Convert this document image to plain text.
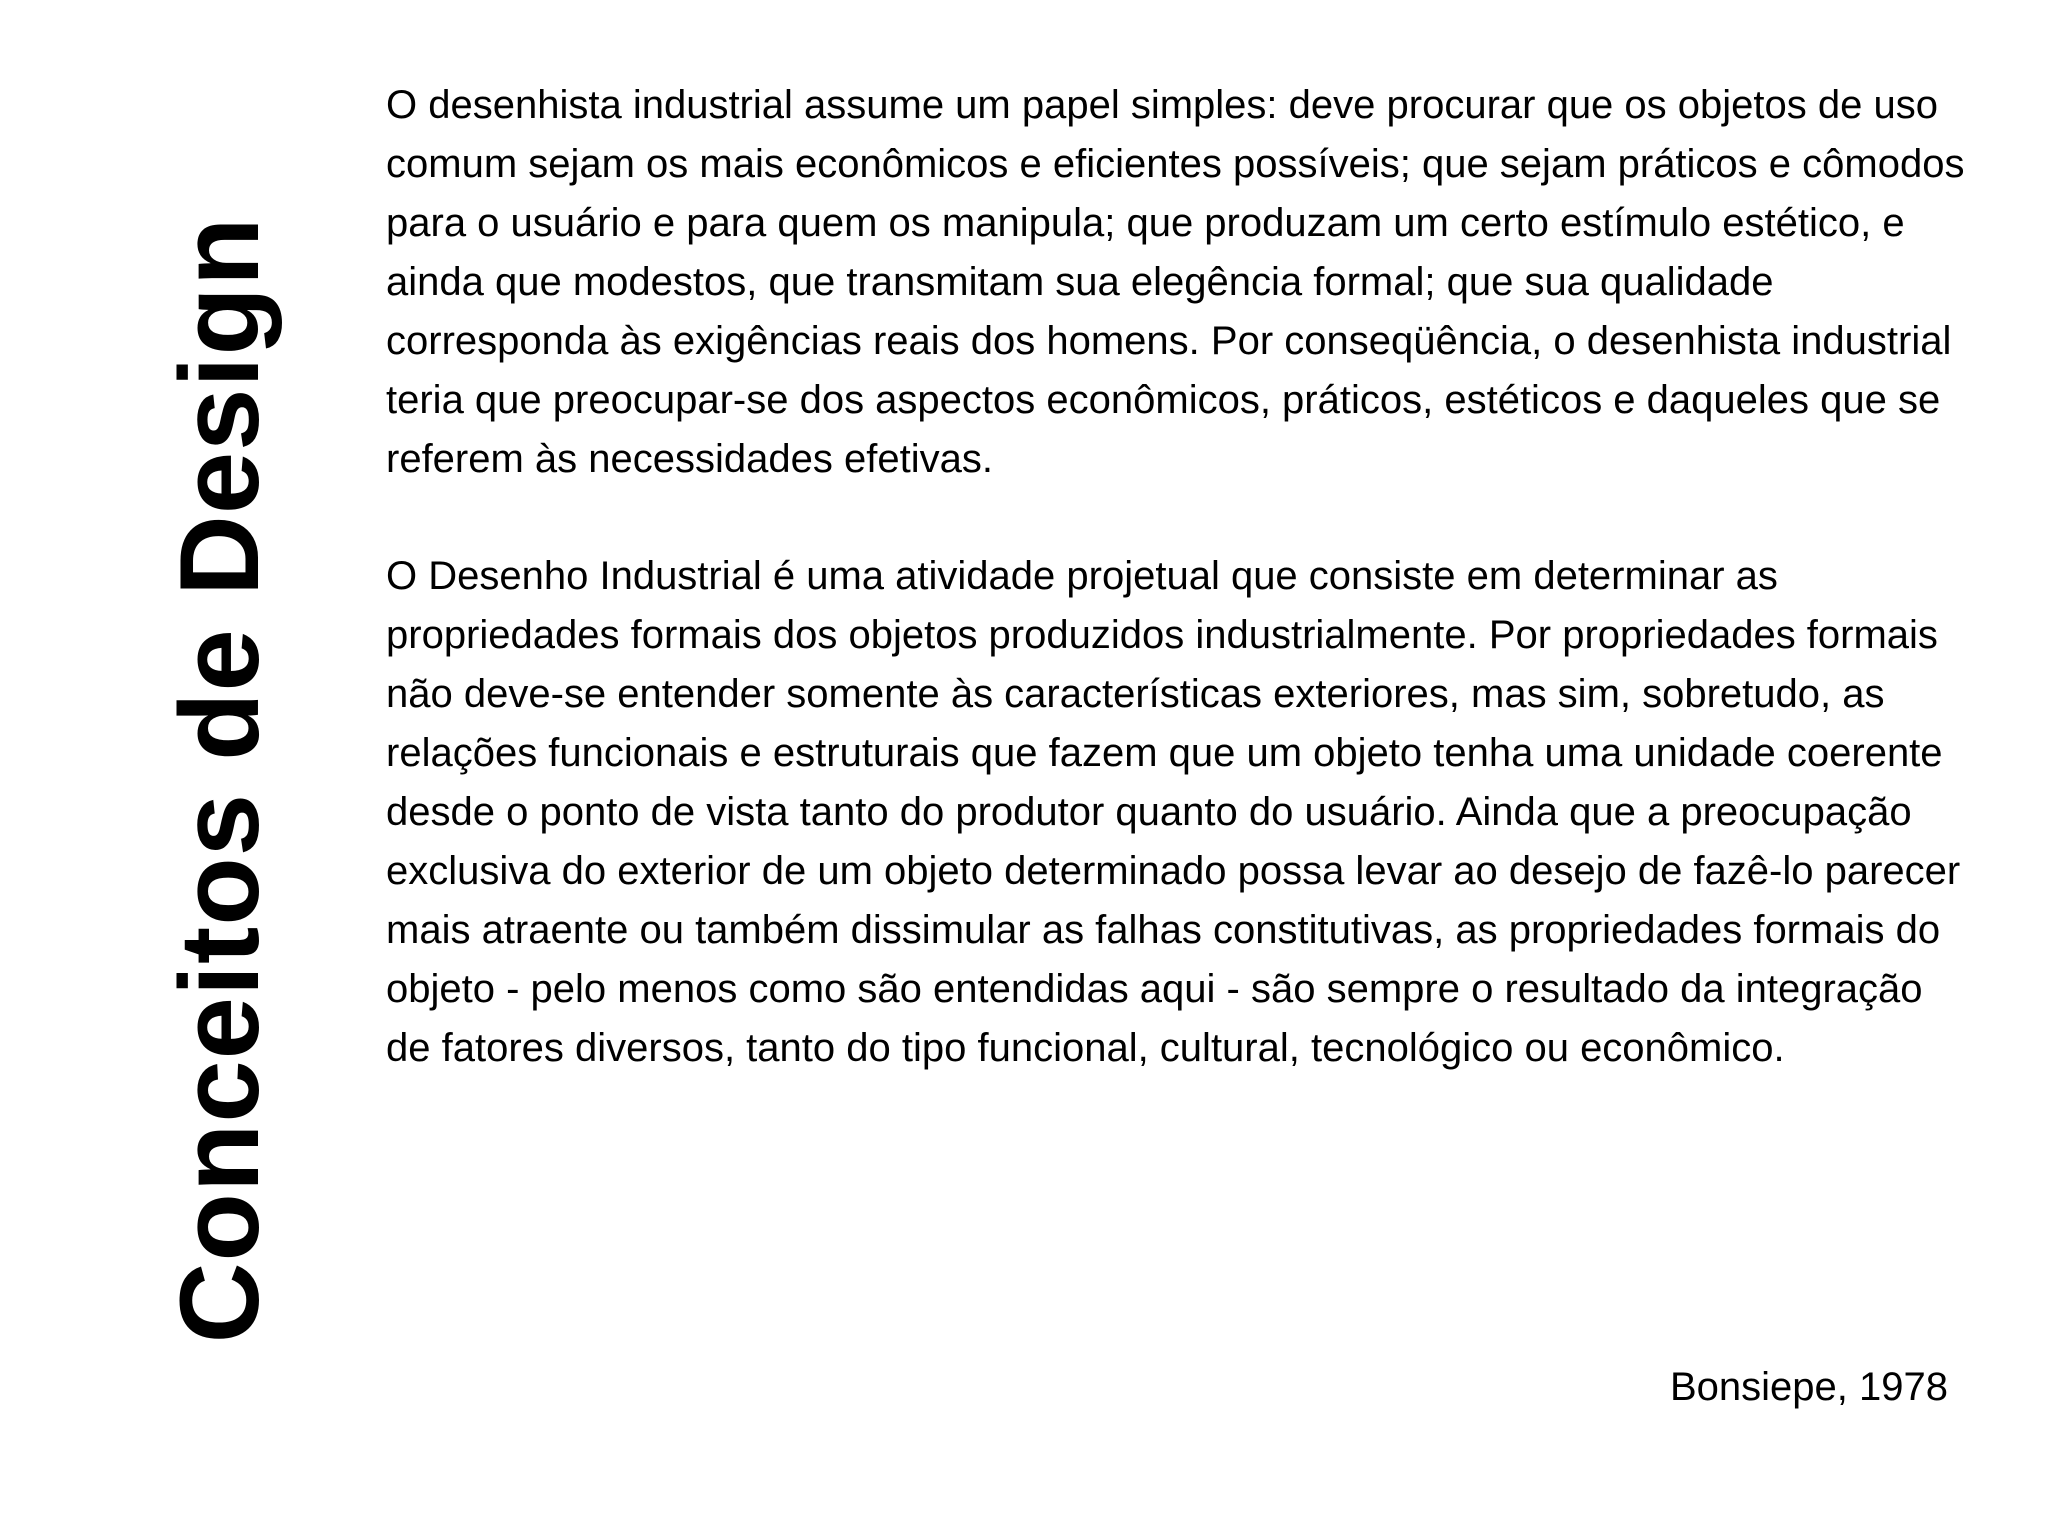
Conceitos de Design

O desenhista industrial assume um papel simples: deve procurar que os objetos de uso comum sejam os mais econômicos e eficientes possíveis; que sejam práticos e cômodos para o usuário e para quem os manipula; que produzam um certo estímulo estético, e ainda que modestos, que transmitam sua elegência formal; que sua qualidade corresponda às exigências reais dos homens. Por conseqüência, o desenhista industrial teria que preocupar-se dos aspectos econômicos, práticos, estéticos e daqueles que se referem às necessidades efetivas.

O Desenho Industrial é uma atividade projetual que consiste em determinar as propriedades formais dos objetos produzidos industrialmente. Por propriedades formais não deve-se entender somente às características exteriores, mas sim, sobretudo, as relações funcionais e estruturais que fazem que um objeto tenha uma unidade coerente desde o ponto de vista tanto do produtor quanto do usuário. Ainda que a preocupação exclusiva do exterior de um objeto determinado possa levar ao desejo de fazê-lo parecer mais atraente ou também dissimular as falhas constitutivas, as propriedades formais do objeto - pelo menos como são entendidas aqui - são sempre o resultado da integração de fatores diversos, tanto do tipo funcional, cultural, tecnológico ou econômico.

Bonsiepe, 1978
